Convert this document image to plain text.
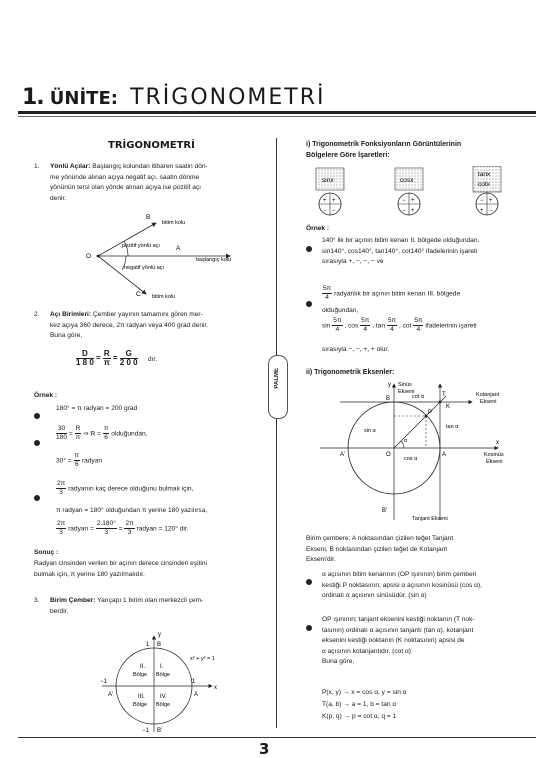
1. ÜNİTE: TRİGONOMETRİ
TRİGONOMETRİ
1. Yönlü Açılar: Başlangıç kolundan itibaren saatin dön-
me yönünde alınan açıya negatif açı, saatin dönme
yönünün tersi olan yönde alınan açıya ise pozitif açı
denir.
B
bitim kolu
pozitif yönlü açı A
O	başlangıç kolu
negatif yönlü açı
C bitim kolu
2. Açı Birimleri: Çember yayının tamamını gören mer-
kez açıya 360 derece, 2π radyan veya 400 grad denir.
Buna göre,
$\frac{D}{1 8 0} = \frac{R}{\pi} = \frac{G}{2 0 0}$ dır.
Örnek :
180° = π radyan = 200 grad
$\frac{30}{180} = \frac{R}{\pi}$ ⇒ $R = \frac{\pi}{6}$ olduğundan,
$30^\circ = \frac{\pi}{6}$ radyan
$\frac{2\pi}{3}$ radyanın kaç derece olduğunu bulmak için,
π radyan = 180° olduğundan π yerine 180 yazılırsa,
$\frac{2\pi}{3}$ radyan = $\frac{2.180^\circ}{3} = \frac{2\pi}{3}$ radyan = 120° dir.
Sonuç :
Radyan cinsinden verilen bir açının derece cinsinden eşitini
bulmak için, π yerine 180 yazılmalıdır.
3. Birim Çember: Yarıçapı 1 birim olan merkezcil çem-
berdir.
y
1 B
x² + y² = 1
II. I.
Bölge Bölge
−1	1
A
x
A'	III.	IV.
Bölge Bölge
−1 B'
PALME
i) Trigonometrik Fonksiyonların Görüntülerinin
Bölgelere Göre İşaretleri:
sinx
+ +
− −
cosx
− +
− +
tanx
cotx
− +
+ −
Örnek :
140° lik bir açının bitim kenarı II. bölgede olduğundan,
sin140°, cos140°, tan140°, cot140° ifadelerinin işareti
sırasıyla +, −, −, − ve
$\frac{5\pi}{4}$ radyanlık bir açının bitim kenarı III. bölgede
olduğundan,
$\sin \frac{5\pi}{4}$ , $\cos \frac{5\pi}{4}$ , $\tan \frac{5\pi}{4}$ , $\cot \frac{5\pi}{4}$ ifadelerinin işareti
sırasıyla −, −, +, + olur.
ii) Trigonometrik Eksenler:
Sinüs
Ekseni
y
B	cot α
K
T
P
Kotanjant
Ekseni
sin α
α
tan α
x
A'	O	A	Kosinüs
Ekseni
cos α
B'
Tanjant Ekseni
Birim çembere; A noktasından çizilen teğet Tanjant
Ekseni, B noktasından çizilen teğet de Kotanjant
Ekseni'dir.
α açısının bitim kenarının (OP ışınının) birim çemberi
kestiği P noktasının; apsisi α açısının kosinüsü (cos α),
ordinatı α açısının sinüsüdür. (sin α)
OP ışınının; tanjant eksenini kestiği noktanın (T nok-
tasının) ordinatı α açısının tanjantı (tan α), kotanjant
eksenini kestiği noktanın (K noktasının) apsisi de
α açısının kotanjantıdır. (cot α)
Buna göre,
P(x, y) → x = cos α, y = sin α
T(a, b) → a = 1, b = tan α
K(p, q) → p = cot α, q = 1
3
